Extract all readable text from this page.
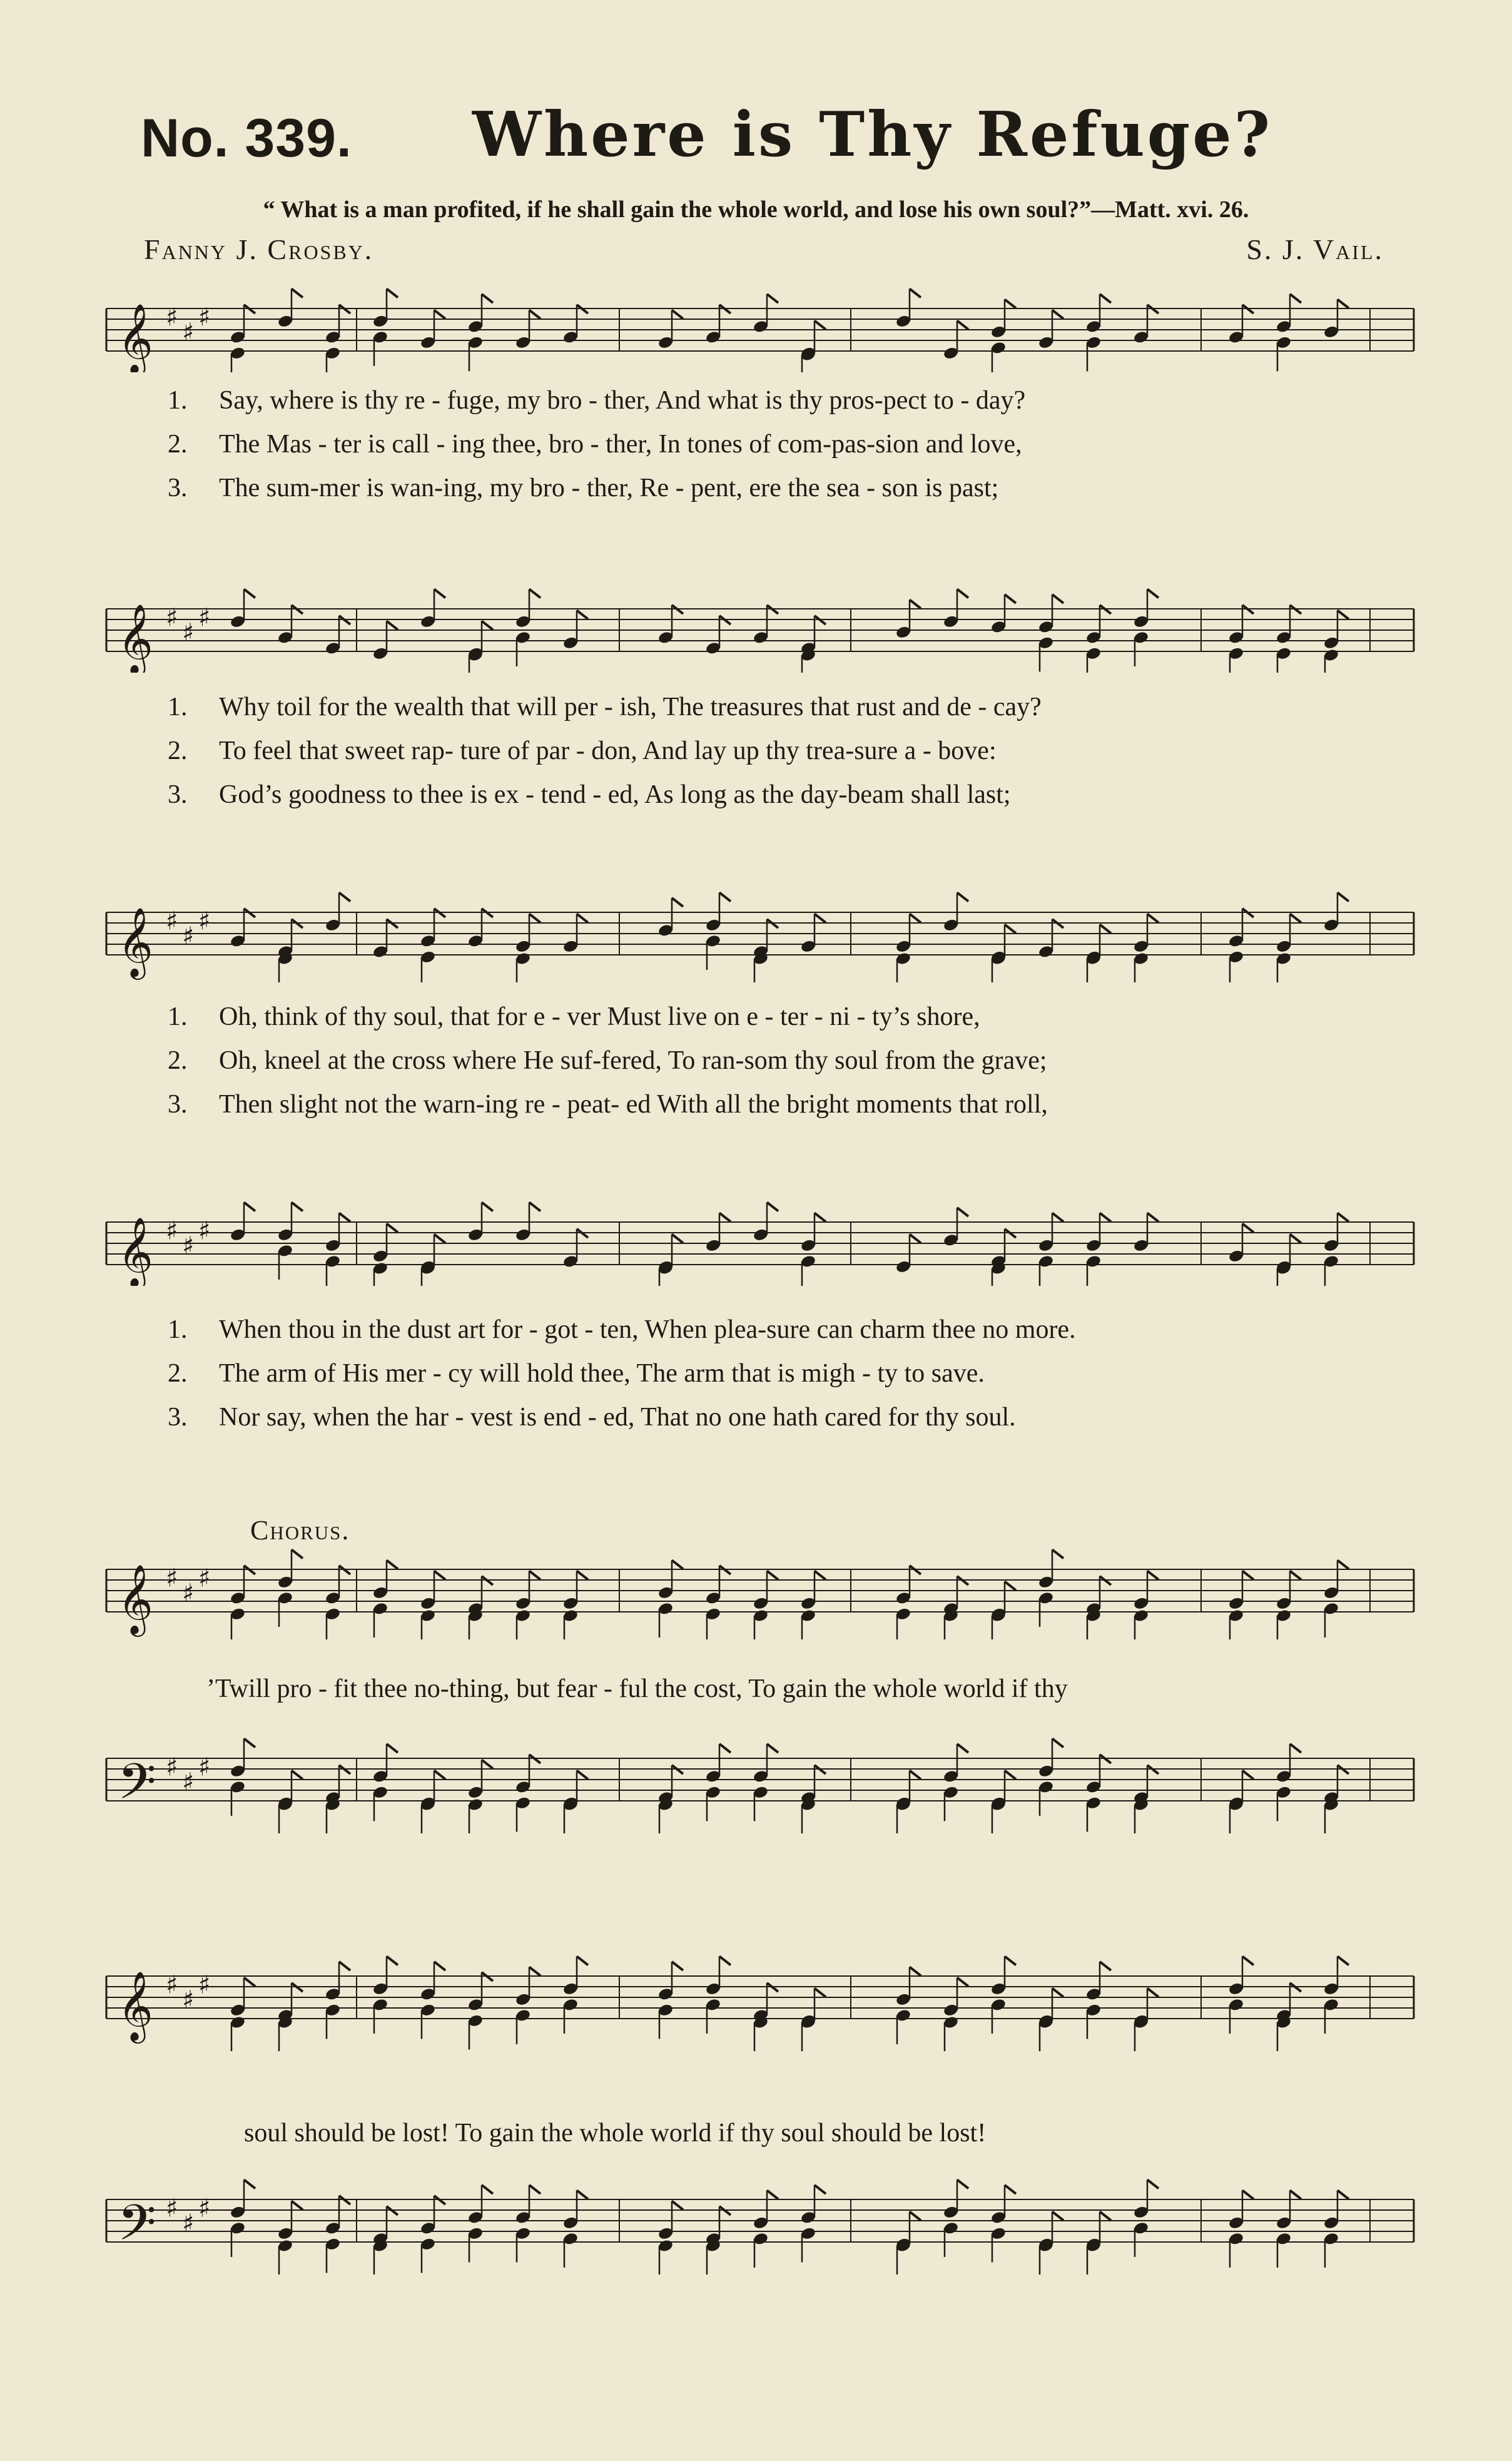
No. 339. Where is Thy Refuge?
“ What is a man profited, if he shall gain the whole world, and lose his own soul?”—Matt. xvi. 26.
Fanny J. Crosby.	S. J. Vail.
𝄞 ♯
♯
♯
1.	Say, where is thy re - fuge, my bro - ther, And what is thy pros-pect to - day?
2.	The Mas - ter is call - ing thee, bro - ther, In tones of com-pas-sion and love,
3.	The sum-mer is wan-ing, my bro - ther, Re - pent, ere the sea - son is past;
𝄞 ♯
♯
♯
1.	Why toil for the wealth that will per - ish, The treasures that rust and de - cay?
2.	To feel that sweet rap- ture of par - don, And lay up thy trea-sure a - bove:
3.	God’s goodness to thee is ex - tend - ed, As long as the day-beam shall last;
𝄞 ♯
♯
♯
1.	Oh, think of thy soul, that for e - ver Must live on e - ter - ni - ty’s shore,
2.	Oh, kneel at the cross where He suf-fered, To ran-som thy soul from the grave;
3.	Then slight not the warn-ing re - peat- ed With all the bright moments that roll,
𝄞 ♯
♯
♯
1.	When thou in the dust art for - got - ten, When plea-sure can charm thee no more.
2.	The arm of His mer - cy will hold thee, The arm that is migh - ty to save.
3.	Nor say, when the har - vest is end - ed, That no one hath cared for thy soul.
Chorus.
𝄞 ♯
♯
♯
’Twill pro - fit thee no-thing, but fear - ful the cost, To gain the whole world if thy
𝄢 ♯
♯
♯
𝄞 ♯
♯
♯
soul should be lost! To gain the whole world if thy soul should be lost!
𝄢 ♯
♯
♯
